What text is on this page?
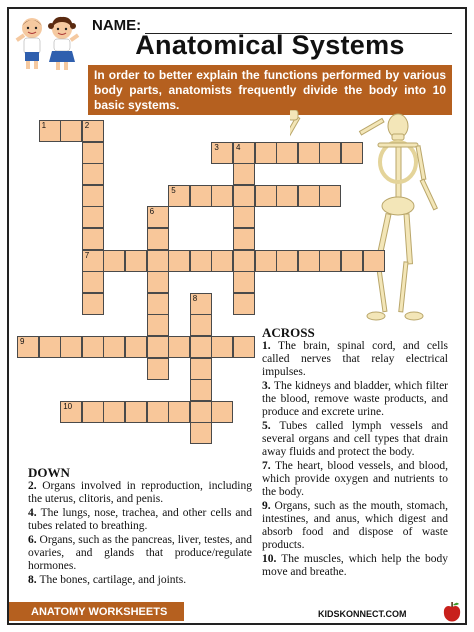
NAME:
Anatomical Systems
In order to better explain the functions performed by various body parts, anatomists frequently divide the body into 10 basic systems.
1	2
7
3 4
5
6
8
9
10
ACROSS
1. The brain, spinal cord, and cells called nerves that relay electrical impulses.
3. The kidneys and bladder, which filter the blood, remove waste products, and produce and excrete urine.
5. Tubes called lymph vessels and several organs and cell types that drain away fluids and protect the body.
7. The heart, blood vessels, and blood, which provide oxygen and nutrients to the body.
9. Organs, such as the mouth, stomach, intestines, and anus, which digest and absorb food and dispose of waste products.
10. The muscles, which help the body move and breathe.
DOWN
2. Organs involved in reproduction, including the uterus, clitoris, and penis.
4. The lungs, nose, trachea, and other cells and tubes related to breathing.
6. Organs, such as the pancreas, liver, testes, and ovaries, and glands that produce/regulate hormones.
8. The bones, cartilage, and joints.
ANATOMY WORKSHEETS	KIDSKONNECT.COM
